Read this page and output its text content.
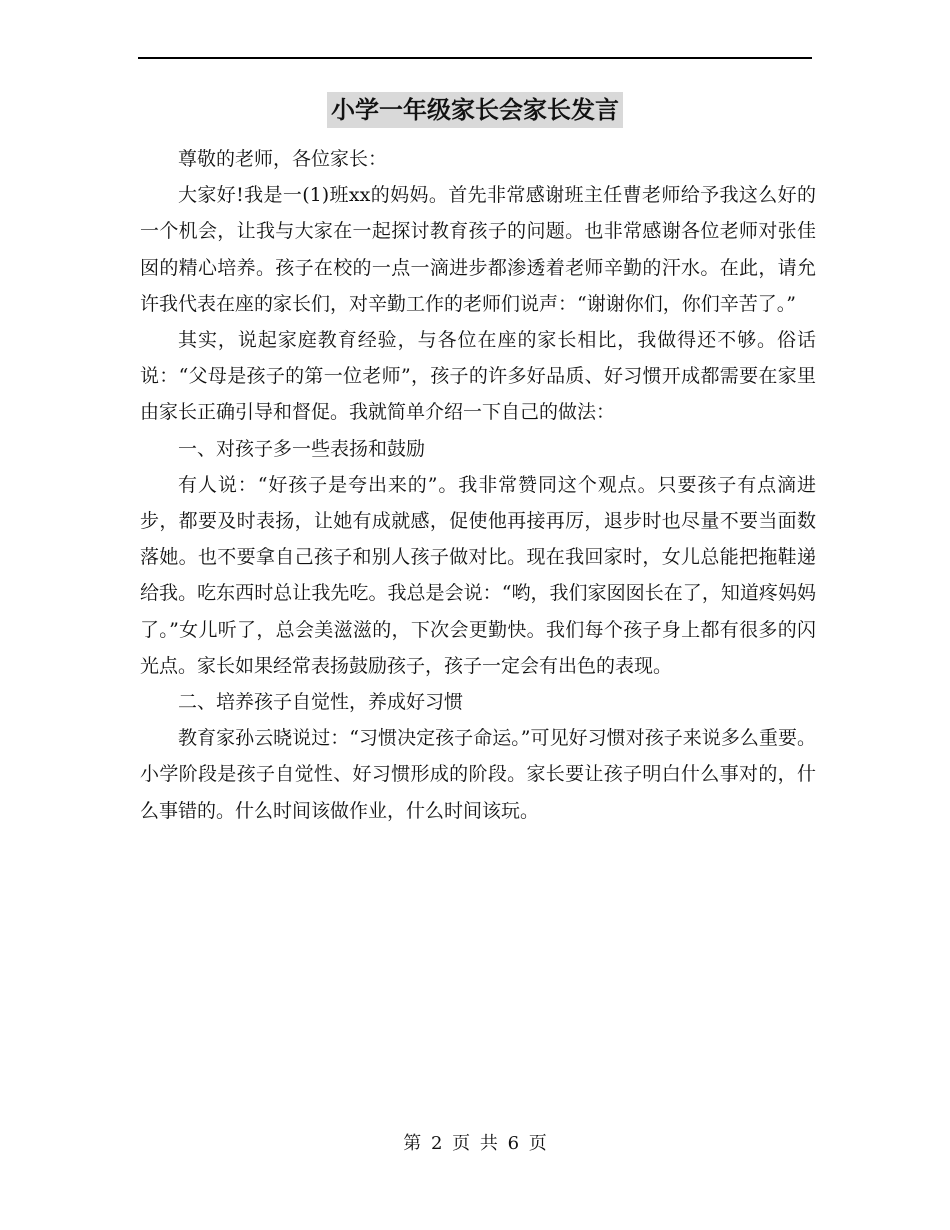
小学一年级家长会家长发言

尊敬的老师，各位家长：

大家好!我是一(1)班xx的妈妈。首先非常感谢班主任曹老师给予我这么好的一个机会，让我与大家在一起探讨教育孩子的问题。也非常感谢各位老师对张佳囡的精心培养。孩子在校的一点一滴进步都渗透着老师辛勤的汗水。在此，请允许我代表在座的家长们，对辛勤工作的老师们说声：“谢谢你们，你们辛苦了。”

其实，说起家庭教育经验，与各位在座的家长相比，我做得还不够。俗话说：“父母是孩子的第一位老师”，孩子的许多好品质、好习惯开成都需要在家里由家长正确引导和督促。我就简单介绍一下自己的做法：

一、对孩子多一些表扬和鼓励

有人说：“好孩子是夸出来的”。我非常赞同这个观点。只要孩子有点滴进步，都要及时表扬，让她有成就感，促使他再接再厉，退步时也尽量不要当面数落她。也不要拿自己孩子和别人孩子做对比。现在我回家时，女儿总能把拖鞋递给我。吃东西时总让我先吃。我总是会说：“哟，我们家囡囡长在了，知道疼妈妈了。”女儿听了，总会美滋滋的，下次会更勤快。我们每个孩子身上都有很多的闪光点。家长如果经常表扬鼓励孩子，孩子一定会有出色的表现。

二、培养孩子自觉性，养成好习惯

教育家孙云晓说过：“习惯决定孩子命运。”可见好习惯对孩子来说多么重要。小学阶段是孩子自觉性、好习惯形成的阶段。家长要让孩子明白什么事对的，什么事错的。什么时间该做作业，什么时间该玩。

第 2 页 共 6 页
